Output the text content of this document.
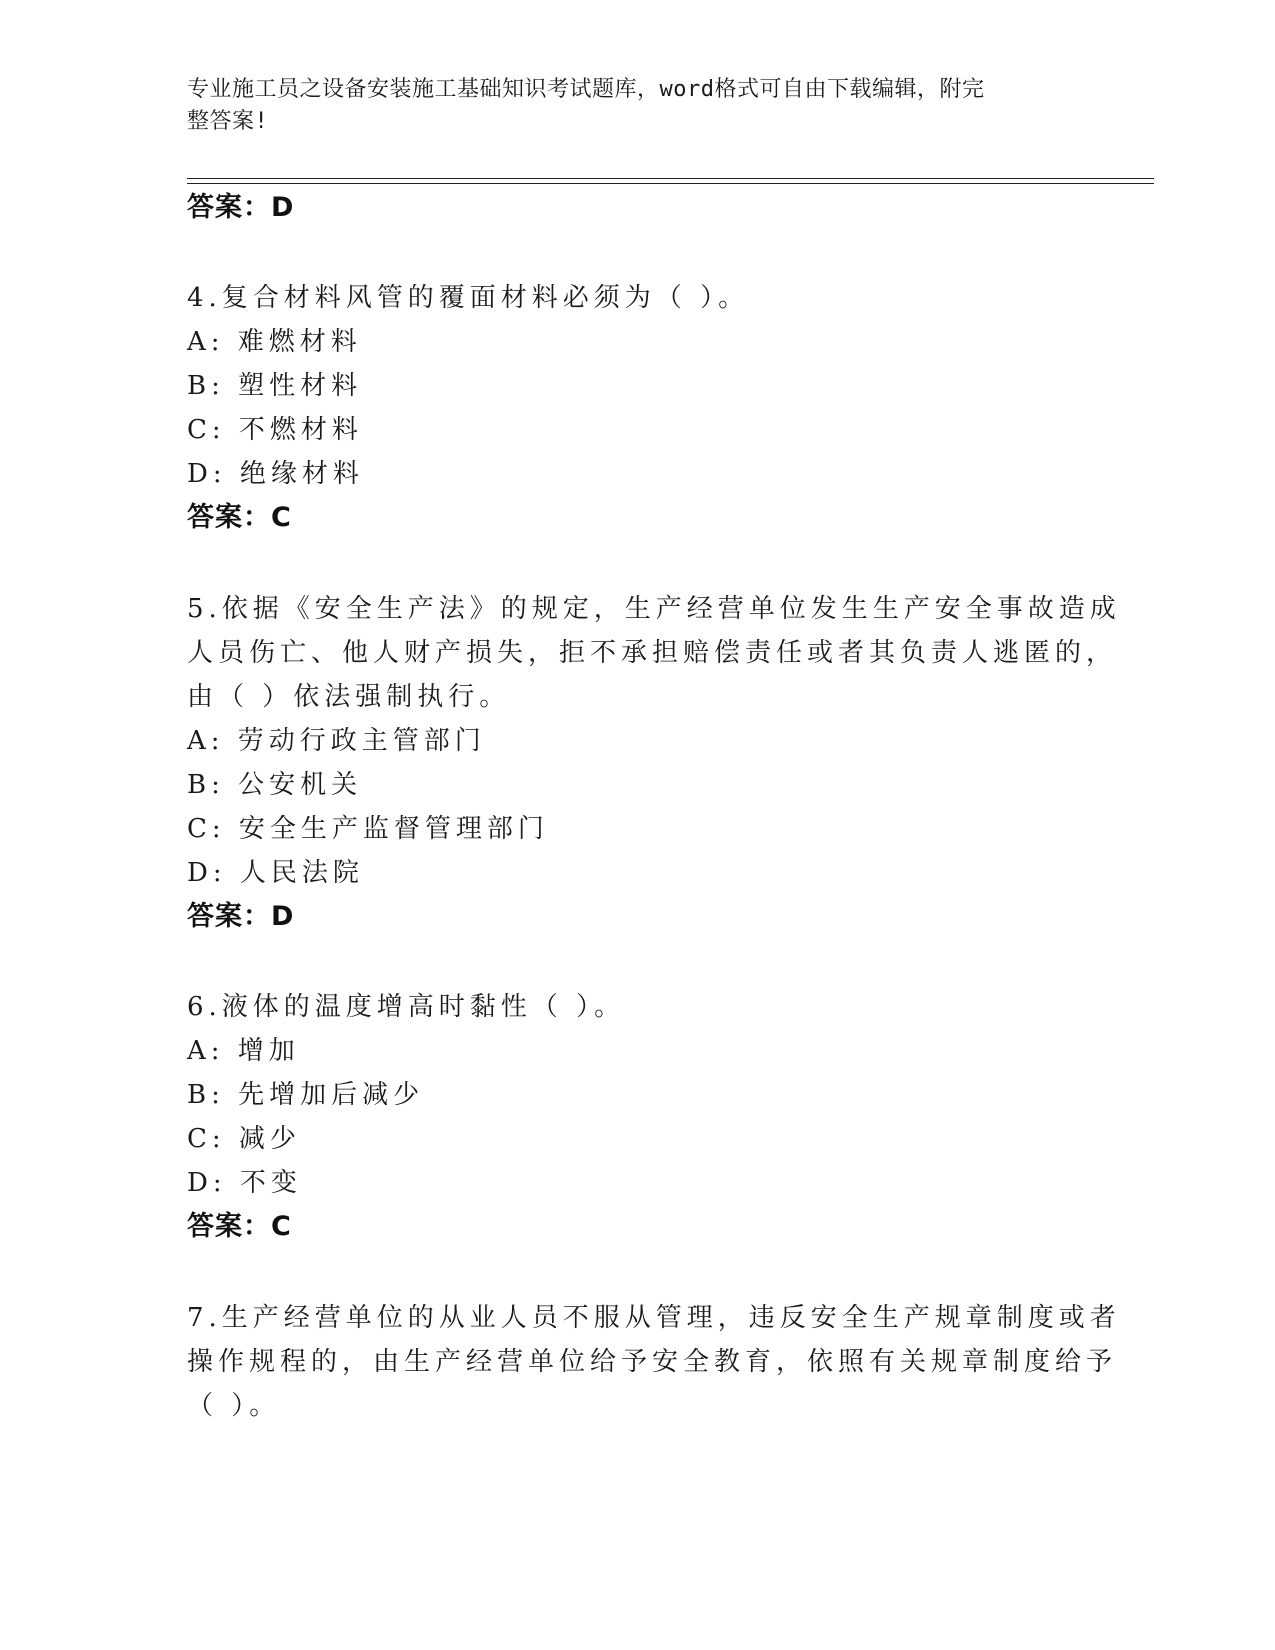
专业施工员之设备安装施工基础知识考试题库，word格式可自由下载编辑，附完
整答案!
答案：D
4.复合材料风管的覆面材料必须为（ ）。
A: 难燃材料
B: 塑性材料
C: 不燃材料
D: 绝缘材料
答案：C
5.依据《安全生产法》的规定，生产经营单位发生生产安全事故造成
人员伤亡、他人财产损失，拒不承担赔偿责任或者其负责人逃匿的，
由（ ）依法强制执行。
A: 劳动行政主管部门
B: 公安机关
C: 安全生产监督管理部门
D: 人民法院
答案：D
6.液体的温度增高时黏性（ ）。
A: 增加
B: 先增加后减少
C: 减少
D: 不变
答案：C
7.生产经营单位的从业人员不服从管理，违反安全生产规章制度或者
操作规程的，由生产经营单位给予安全教育，依照有关规章制度给予
（ ）。
